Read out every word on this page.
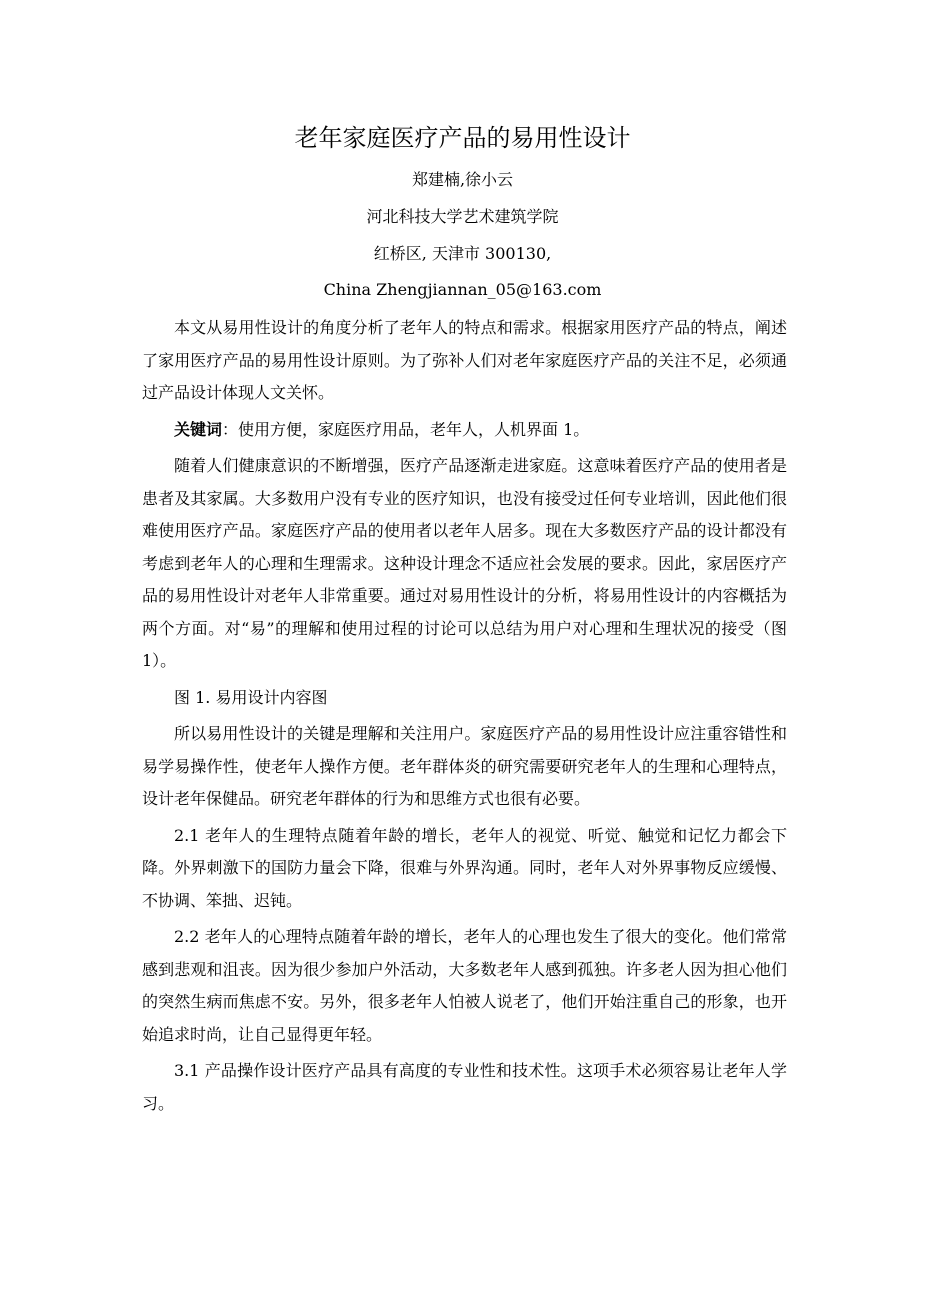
老年家庭医疗产品的易用性设计

郑建楠,徐小云

河北科技大学艺术建筑学院

红桥区, 天津市 300130,

China Zhengjiannan_05@163.com

本文从易用性设计的角度分析了老年人的特点和需求。根据家用医疗产品的特点，阐述了家用医疗产品的易用性设计原则。为了弥补人们对老年家庭医疗产品的关注不足，必须通过产品设计体现人文关怀。

关键词：使用方便，家庭医疗用品，老年人，人机界面 1。

随着人们健康意识的不断增强，医疗产品逐渐走进家庭。这意味着医疗产品的使用者是患者及其家属。大多数用户没有专业的医疗知识，也没有接受过任何专业培训，因此他们很难使用医疗产品。家庭医疗产品的使用者以老年人居多。现在大多数医疗产品的设计都没有考虑到老年人的心理和生理需求。这种设计理念不适应社会发展的要求。因此，家居医疗产品的易用性设计对老年人非常重要。通过对易用性设计的分析，将易用性设计的内容概括为两个方面。对“易”的理解和使用过程的讨论可以总结为用户对心理和生理状况的接受（图 1）。

图 1. 易用设计内容图

所以易用性设计的关键是理解和关注用户。家庭医疗产品的易用性设计应注重容错性和易学易操作性，使老年人操作方便。老年群体炎的研究需要研究老年人的生理和心理特点，设计老年保健品。研究老年群体的行为和思维方式也很有必要。

2.1 老年人的生理特点随着年龄的增长，老年人的视觉、听觉、触觉和记忆力都会下降。外界刺激下的国防力量会下降，很难与外界沟通。同时，老年人对外界事物反应缓慢、不协调、笨拙、迟钝。

2.2 老年人的心理特点随着年龄的增长，老年人的心理也发生了很大的变化。他们常常感到悲观和沮丧。因为很少参加户外活动，大多数老年人感到孤独。许多老人因为担心他们的突然生病而焦虑不安。另外，很多老年人怕被人说老了，他们开始注重自己的形象，也开始追求时尚，让自己显得更年轻。

3.1 产品操作设计医疗产品具有高度的专业性和技术性。这项手术必须容易让老年人学习。
